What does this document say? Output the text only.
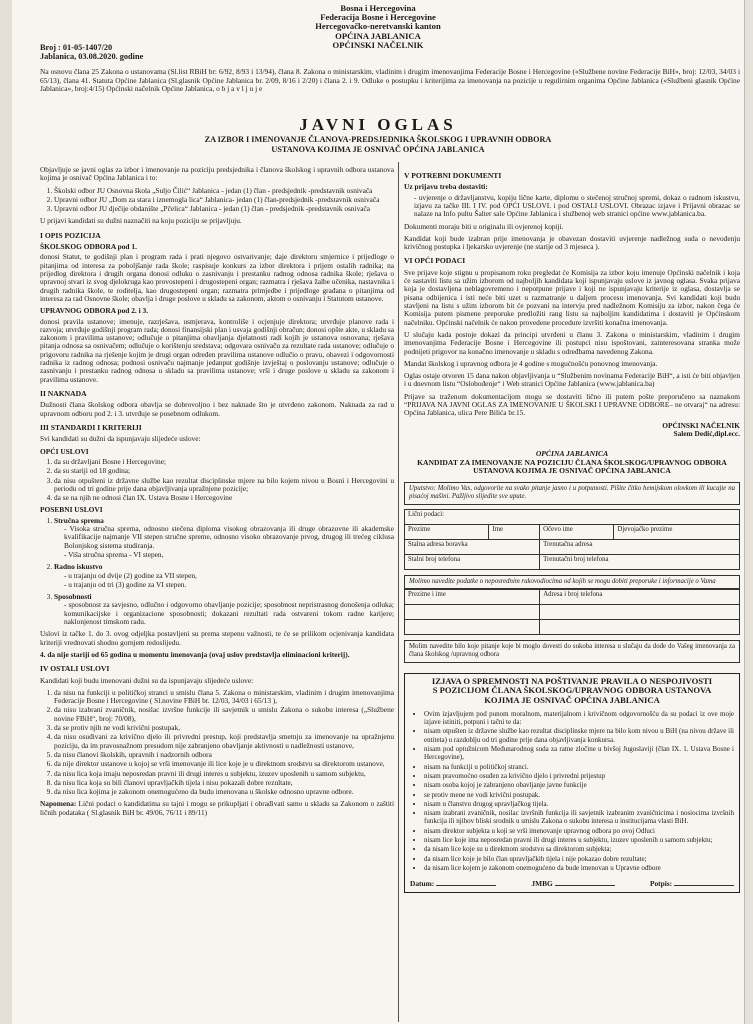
Bosna i Hercegovina
Federacija Bosne i Hercegovine
Hercegovačko-neretvanski kanton
OPĆINA JABLANICA
OPĆINSKI NAČELNIK
Broj : 01-05-1407/20
Jablanica, 03.08.2020. godine
Na osnovu člana 25 Zakona o ustanovama (Sl.list RBiH br: 6/92, 8/93 i 13/94), člana 8. Zakona o ministarskim, vladinim i drugim imenovanjima Federacije Bosne i Hercegovine («Službene novine Federacije BiH», broj: 12/03, 34/03 i 65/13), člana 41. Statuta Općine Jablanica (Sl.glasnik Općine Jablanica br. 2/09, 8/16 i 2/20) i člana 2. i 9. Odluke o postupku i kriterijima za imenovanja na pozicije u regulirnim organima Općine Jablanica («Službeni glasnik Općine Jablanica», broj:4/15) Općinski načelnik Općine Jablanica, o b j a v l j u j e
JAVNI OGLAS
ZA IZBOR I IMENOVANJE ČLANOVA-PREDSJEDNIKA ŠKOLSKOG I UPRAVNIH ODBORA
USTANOVA KOJIMA JE OSNIVAČ OPĆINA JABLANICA

Objavljuje se javni oglas za izbor i imenovanje na poziciju predsjednika i članova školskog i upravnih odbora ustanova kojima je osnivač Općina Jablanica i to:

1. Školski odbor JU Osnovna škola „Suljo Čilić“ Jablanica - jedan (1) član - predsjednik -predstavnik osnivača
2. Upravni odbor JU „Dom za stara i iznemogla lica“ Jablanica- jedan (1) član-predsjednik -predstavnik osnivača
3. Upravni odbor JU dječije obdanište „Pčelica“ Jablanica - jedan (1) član - predsjednik -predstavnik osnivača

U prijavi kandidati su dužni naznačiti na koju poziciju se prijavljuju.

I OPIS POZICIJA
ŠKOLSKOG ODBORA pod 1.

donosi Statut, te godišnji plan i program rada i prati njegovo ostvarivanje; daje direktoru smjernice i prijedloge o pitanjima od interesa za poboljšanje rada škole; raspisuje konkurs za izbor direktora i prijem ostalih radnika; na prijedlog direktora i drugih organa donosi odluku o zasnivanju i prestanku radnog odnosa radnika škole; rješava o upravnoj stvari iz svog djelokruga kao provostepeni i drugostepeni organ; razmatra i rješava žalbe učenika, nastavnika i drugih radnika škole, te roditelja, kao drugostepeni organ; razmatra primjedbe i prijedloge građana o pitanjima od interesa za rad Osnovne škole; obavlja i druge poslove u skladu sa zakonom, aktom o osnivanju i Statutom ustanove.

UPRAVNOG ODBORA pod 2. i 3.

donosi pravila ustanove; imenuje, razrješava, usmjerava, kontroliše i ocjenjuje direktora; utvrđuje planove rada i razvoja; utvrđuje godišnji program rada; donosi finansijski plan i usvaja godišnji obračun; donosi opšte akte, u skladu sa zakonom i pravilima ustanove; odlučuje o pitanjima obavljanja djelatnosti radi kojih je ustanova osnovana; rješava pitanja odnosa sa osnivačem; odlučuje o korištenju sredstava; odgovara osnivaču za rezultate rada ustanove; odlučuje o prigovoru radnika na rješenje kojim je drugi organ određen pravilima ustanove odlučio o pravu, obavezi i odgovornosti radnika iz radnog odnosa; podnosi osnivaču najmanje jedanput godišnje izvještaj o poslovanju ustanove; odlučuje o zasnivanju i prestanku radnog odnosa u skladu sa pravilima ustanove; vrši i druge poslove u skladu sa zakonom i pravilima ustanove.

II NAKNADA

Dužnosti člana školskog odbora obavlja se dobrovoljno i bez naknade što je utvrđeno zakonom. Naknada za rad u upravnom odboru pod 2. i 3. utvrđuje se posebnom odlukom.

III STANDARDI I KRITERIJI

Svi kandidati su dužni da ispunjavaju slijedeće uslove:

OPĆI USLOVI
1. da su državljani Bosne i Hercegovine;
2. da su stariji od 18 godina;
3. da nisu otpušteni iz državne službe kao rezultat disciplinske mjere na bilo kojem nivou u Bosni i Hercegovini u periodu od tri godine prije dana objavljivanja upražnjene pozicije;
4. da se na njih ne odnosi član IX. Ustava Bosne i Hercegovine
POSEBNI USLOVI
1. Stručna sprema
- Visoka stručna sprema, odnosno stečena diploma visokog obrazovanja ili druge obrazovne ili akademske kvalifikacije najmanje VII stepen stručne spreme, odnosno visoko obrazovanje prvog, drugog ili trećeg ciklusa Bolonjskog sistema studiranja.
- Viša stručna sprema - VI stepen,
2. Radno iskustvo
- u trajanju od dvije (2) godine za VII stepen,
- u trajanju od tri (3) godine za VI stepen.
3. Sposobnosti
- sposobnost za savjesno, odlučno i odgovorno obavljanje pozicije; sposobnost nepristrasnog donošenja odluka; komunikacijske i organizacione sposobnosti; dokazani rezultati rada ostvareni tokom radne karijere; naklonjenost timskom radu.

Uslovi iz tačke 1. do 3. ovog odjeljka postavljeni su prema stepenu važnosti, te će se prilikom ocjenivanja kandidata kriteriji vrednovati shodno gornjem redoslijedu.

4. da nije stariji od 65 godina u momentu imenovanja (ovaj uslov predstavlja eliminacioni kriterij).

IV OSTALI USLOVI

Kandidati koji budu imenovani dužni su da ispunjavaju slijedeće uslove:

1. da nisu na funkciji u političkoj stranci u smislu člana 5. Zakona o ministarskim, vladinim i drugim imenovanjima Federacije Bosne i Hercegovine ( Sl.novine FBiH br. 12/03, 34/03 i 65/13 ),
2. da nisu izabrani zvaničnik, nosilac izvršne funkcije ili savjetnik u smislu Zakona o sukobu interesa („Službene novine FBiH“, broj: 70/08),
3. da se protiv njih ne vodi krivični postupak,
4. da nisu osuđivani za krivično djelo ili privredni prestup, koji predstavlja smetnju za imenovanje na upražnjenu poziciju, da im pravosnažnom presudom nije zabranjeno obavljanje aktivnosti u nadležnosti ustanove,
5. da nisu članovi školskih, upravnih i nadzornih odbora
6. da nije direktor ustanove u kojoj se vrši imenovanje ili lice koje je u direktnom srodstvu sa direktorom ustanove,
7. da nisu lica koja imaju neposredan pravni ili drugi interes u subjektu, izuzev uposlenih u samom subjektu,
8. da nisu lica koja su bili članovi upravljačkih tijela i nisu pokazali dobre rezultate,
9. da nisu lica kojima je zakonom onemogućeno da budu imenovana u školske odnosno upravne odbore.

Napomena: Lični podaci o kandidatima su tajni i mogu se prikupljati i obrađivati samo u skladu sa Zakonom o zaštiti ličnih podataka ( Sl.glasnik BiH br. 49/06, 76/11 i 89/11)

V POTREBNI DOKUMENTI
Uz prijavu treba dostaviti:
- uvjerenje o državljanstvu, kopiju lične karte, diplomu o stečenoj stručnoj spremi, dokaz o radnom iskustvu, izjavu za tačke III. I IV. pod OPĆI USLOVI. i pod OSTALI USLOVI. Obrazac izjave i Prijavni obrazac se nalaze na Info pultu Šalter sale Općine Jablanica i službenoj web stranici općine www.jablanica.ba.

Dokumenti moraju biti u originalu ili ovjerenoj kopiji.

Kandidat koji bude izabran prije imenovanja je obavezan dostaviti uvjerenje nadležnog suda o nevođenju krivičnog postupka i ljekarsko uvjerenje (ne starije od 3 mjeseca ).

VI OPĆI PODACI

Sve prijave koje stignu u propisanom roku pregledat će Komisija za izbor koju imenuje Općinski načelnik i koja će sastaviti listu sa užim izborom od najboljih kandidata koji ispunjavaju uslove iz javnog oglasa. Svaka prijava koja je dostavljena neblagovremeno i nepotpune prijave i koji ne ispunjavaju kriterije iz oglasa, dostavlja se pisana odbijenica i isti neće biti uzet u razmatranje u daljem procesu imenovanja. Svi kandidati koji budu stavljeni na listu s užim izborom bit će pozvani na intervju pred nadležnom Komisiju za izbor, nakon čega će Komisija putem pismene preporuke predložiti rang listu sa najboljim kandidatima i dostaviti je Općinskom načelniku. Općinski načelnik će nakon provedene procedure izvršiti konačna imenovanja.

U slučaju kada postoje dokazi da principi utvrđeni u članu 3. Zakona o ministarskim, vladinim i drugim imenovanjima Federacije Bosne i Hercegovine ili postupci nisu ispoštovani, zainteresovana stranka može podnijeti prigovor na konačno imenovanje u skladu s određbama navedenog Zakona.

Mandat školskog i upravnog odbora je 4 godine s mogućnošću ponovnog imenovanja.

Oglas ostaje otvoren 15 dana nakon objavljivanja u “Službenim novinama Federacije BiH“, a isti će biti objavljen i u dnevnom listu “Oslobođenje“ i Web stranici Općine Jablanica (www.jablanica.ba)

Prijave sa traženom dokumentacijom mogu se dostaviti lično ili putem pošte preporučeno sa naznakom “PRIJAVA NA JAVNI OGLAS ZA IMENOVANJE U ŠKOLSKI I UPRAVNE ODBORE– ne otvaraj“ na adresu: Općina Jablanica, ulica Pere Bilića br.15.

OPĆINSKI NAČELNIK
Salem Dedić,dipl.ecc.
OPĆINA JABLANICA
KANDIDAT ZA IMENOVANJE NA POZICIJU ČLANA ŠKOLSKOG/UPRAVNOG ODBORA
USTANOVA KOJIMA JE OSNIVAČ OPĆINA JABLANICA
Uputstvo: Molimo Vas, odgovorite na svako pitanje jasno i u potpunosti. Pišite čitko hemijskom olovkom ili kucajte na pisaćoj mašini. Pažljivo slijedite sve upute.
Lični podaci:			
Prezime	Ime	Očevo ime	Djevojačko prezime
Stalna adresa boravka		Trenutačna adresa	
Stalni broj telefona		Trenutačni broj telefona	
Molimo navedite podatke o neposrednim rukovodiocima od kojih se mogu dobiti preporuke i informacije o Vama
Prezime i ime	Adresa i broj telefona

Molim navedite bilo koje pitanje koje bi moglo dovesti do sukoba interesa u slučaju da dođe do Vašeg imenovanja za člana školskog /upravnog odbora
IZJAVA O SPREMNOSTI NA POŠTIVANJE PRAVILA O NESPOJIVOSTI
S POZICIJOM ČLANA ŠKOLSKOG/UPRAVNOG ODBORA USTANOVA
KOJIMA JE OSNIVAČ OPĆINA JABLANICA
• Ovim izjavljujem pod punom moralnom, materijalnom i krivičnom odgovornošću da su podaci iz ove moje izjave istiniti, potpuni i tačni te da:
• nisam otpušten iz državne službe kao rezultat disciplinske mjere na bilo kom nivou u BiH (na nivou države ili entiteta) u razdoblju od tri godine prije dana objavljivanja konkursa.
• nisam pod optužnicom Međunarodnog suda za ratne zločine u bivšoj Jugoslaviji (član IX. 1. Ustava Bosne i Hercegovine),
• nisam na funkciji u političkoj stranci.
• nisam pravomoćno osuđen za krivično djelo i privredni prijestup
• nisam osoba kojoj je zabranjeno obavljanje javne funkcije
• se protiv mene ne vodi krivični postupak.
• nisam u članstvu drugog upravljačkog tijela.
• nisam izabrani zvaničnik, nosilac izvršnih funkcija ili savjetnik izabranim zvaničnicima i nosiocima izvršnih funkcija ili njihov bliski srodnik u smislu Zakona o sukobu interesa u institucijama vlasti BiH.
• nisam direktor subjekta u koji se vrši imenovanje upravnog odbora po ovoj Odluci
• nisam lice koje ima neposredan pravni ili drugi interes u subjektu, izuzev uposlenih u samom subjektu;
• da nisam lice koje su u direktnom srodstvu sa direktorom subjekta;
• da nisam lice koje je bilo član upravljačkih tijela i nije pokazao dobre rezultate;
• da nisam lice kojem je zakonom onemogućeno da bude imenovan u Upravne odbore
Datum:	JMBG	Potpis:
